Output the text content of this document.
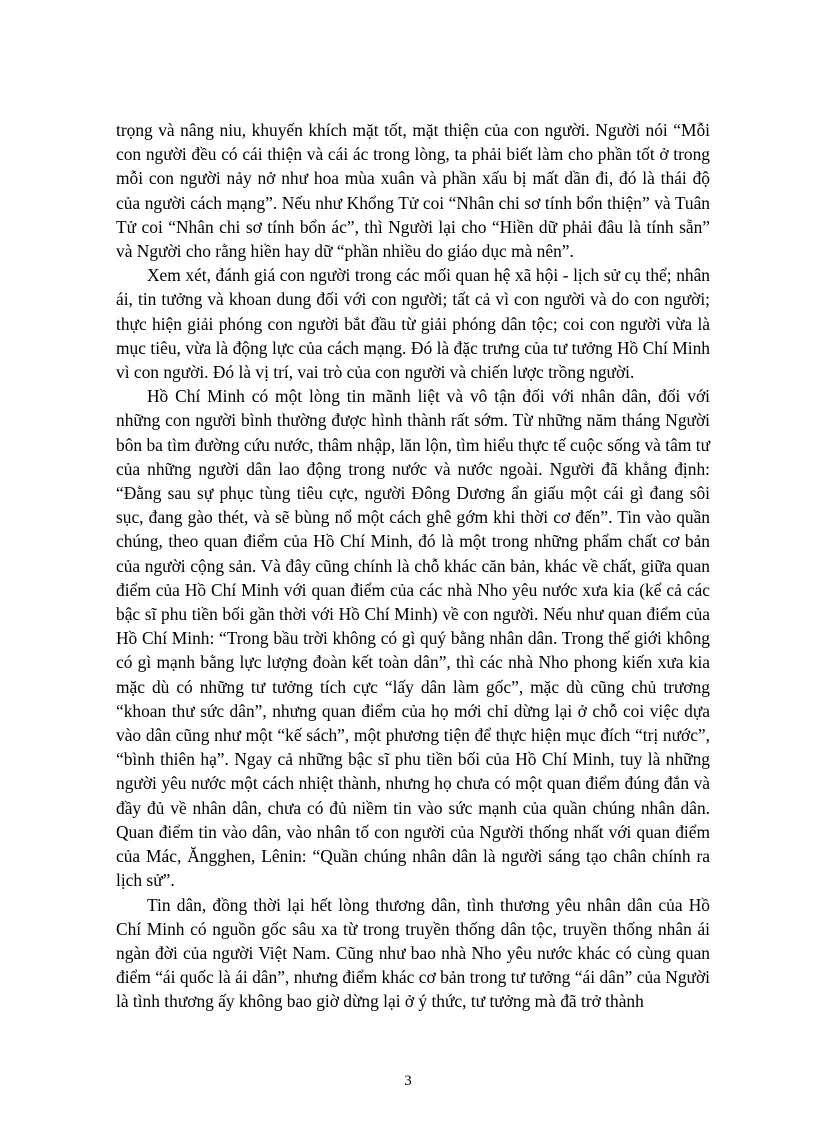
trọng và nâng niu, khuyến khích mặt tốt, mặt thiện của con người. Người nói “Mỗi con người đều có cái thiện và cái ác trong lòng, ta phải biết làm cho phần tốt ở trong mỗi con người nảy nở như hoa mùa xuân và phần xấu bị mất dần đi, đó là thái độ của người cách mạng”. Nếu như Khổng Tử coi “Nhân chi sơ tính bổn thiện” và Tuân Tử coi “Nhân chi sơ tính bổn ác”, thì Người lại cho “Hiền dữ phải đâu là tính sẵn” và Người cho rằng hiền hay dữ “phần nhiều do giáo dục mà nên”.

Xem xét, đánh giá con người trong các mối quan hệ xã hội - lịch sử cụ thể; nhân ái, tin tưởng và khoan dung đối với con người; tất cả vì con người và do con người; thực hiện giải phóng con người bắt đầu từ giải phóng dân tộc; coi con người vừa là mục tiêu, vừa là động lực của cách mạng. Đó là đặc trưng của tư tưởng Hồ Chí Minh vì con người. Đó là vị trí, vai trò của con người và chiến lược trồng người.

Hồ Chí Minh có một lòng tin mãnh liệt và vô tận đối với nhân dân, đối với những con người bình thường được hình thành rất sớm. Từ những năm tháng Người bôn ba tìm đường cứu nước, thâm nhập, lăn lộn, tìm hiểu thực tế cuộc sống và tâm tư của những người dân lao động trong nước và nước ngoài. Người đã khẳng định: “Đằng sau sự phục tùng tiêu cực, người Đông Dương ẩn giấu một cái gì đang sôi sục, đang gào thét, và sẽ bùng nổ một cách ghê gớm khi thời cơ đến”. Tin vào quần chúng, theo quan điểm của Hồ Chí Minh, đó là một trong những phẩm chất cơ bản của người cộng sản. Và đây cũng chính là chỗ khác căn bản, khác về chất, giữa quan điểm của Hồ Chí Minh với quan điểm của các nhà Nho yêu nước xưa kia (kể cả các bậc sĩ phu tiền bối gần thời với Hồ Chí Minh) về con người. Nếu như quan điểm của Hồ Chí Minh: “Trong bầu trời không có gì quý bằng nhân dân. Trong thế giới không có gì mạnh bằng lực lượng đoàn kết toàn dân”, thì các nhà Nho phong kiến xưa kia mặc dù có những tư tưởng tích cực “lấy dân làm gốc”, mặc dù cũng chủ trương “khoan thư sức dân”, nhưng quan điểm của họ mới chỉ dừng lại ở chỗ coi việc dựa vào dân cũng như một “kế sách”, một phương tiện để thực hiện mục đích “trị nước”, “bình thiên hạ”. Ngay cả những bậc sĩ phu tiền bối của Hồ Chí Minh, tuy là những người yêu nước một cách nhiệt thành, nhưng họ chưa có một quan điểm đúng đắn và đầy đủ về nhân dân, chưa có đủ niềm tin vào sức mạnh của quần chúng nhân dân. Quan điểm tin vào dân, vào nhân tố con người của Người thống nhất với quan điểm của Mác, Ăngghen, Lênin: “Quần chúng nhân dân là người sáng tạo chân chính ra lịch sử”.

Tin dân, đồng thời lại hết lòng thương dân, tình thương yêu nhân dân của Hồ Chí Minh có nguồn gốc sâu xa từ trong truyền thống dân tộc, truyền thống nhân ái ngàn đời của người Việt Nam. Cũng như bao nhà Nho yêu nước khác có cùng quan điểm “ái quốc là ái dân”, nhưng điểm khác cơ bản trong tư tưởng “ái dân” của Người là tình thương ấy không bao giờ dừng lại ở ý thức, tư tưởng mà đã trở thành

3
